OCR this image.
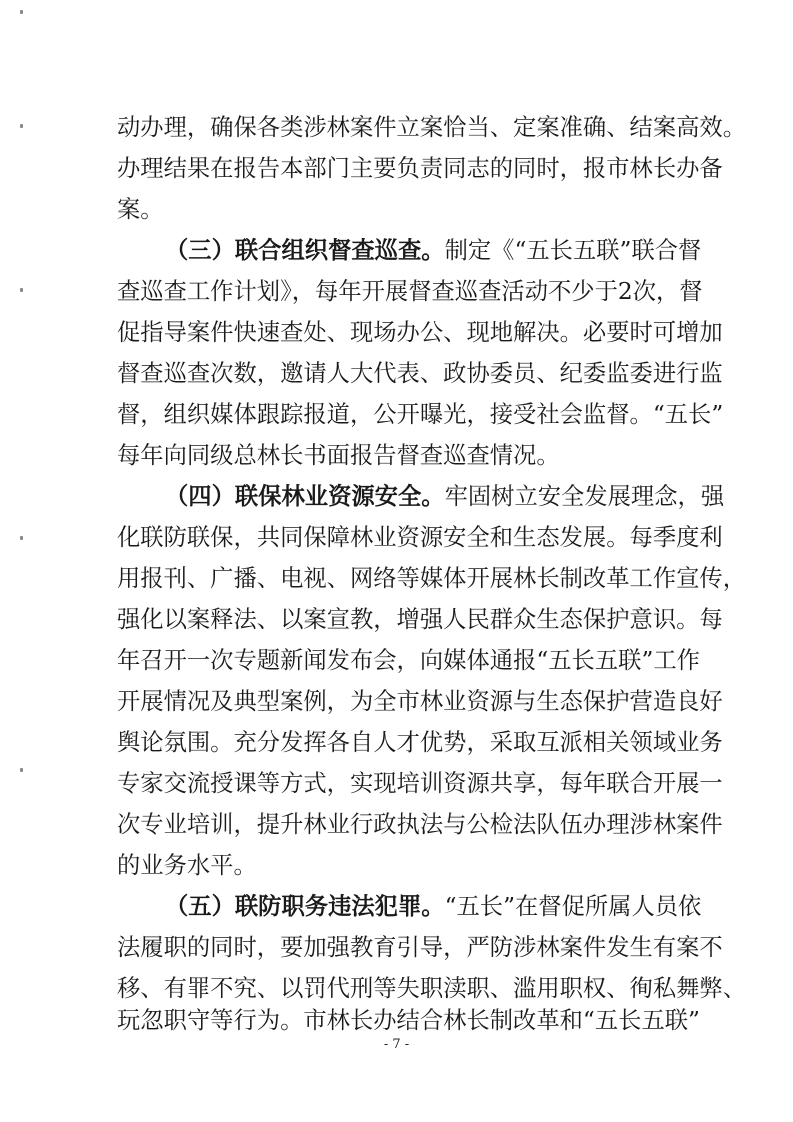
动办理，确保各类涉林案件立案恰当、定案准确、结案高效。
办理结果在报告本部门主要负责同志的同时，报市林长办备
案。
（三）联合组织督查巡查。制定《“五长五联”联合督
查巡查工作计划》，每年开展督查巡查活动不少于2次，督
促指导案件快速查处、现场办公、现地解决。必要时可增加
督查巡查次数，邀请人大代表、政协委员、纪委监委进行监
督，组织媒体跟踪报道，公开曝光，接受社会监督。“五长”
每年向同级总林长书面报告督查巡查情况。
（四）联保林业资源安全。牢固树立安全发展理念，强
化联防联保，共同保障林业资源安全和生态发展。每季度利
用报刊、广播、电视、网络等媒体开展林长制改革工作宣传，
强化以案释法、以案宣教，增强人民群众生态保护意识。每
年召开一次专题新闻发布会，向媒体通报“五长五联”工作
开展情况及典型案例，为全市林业资源与生态保护营造良好
舆论氛围。充分发挥各自人才优势，采取互派相关领域业务
专家交流授课等方式，实现培训资源共享，每年联合开展一
次专业培训，提升林业行政执法与公检法队伍办理涉林案件
的业务水平。
（五）联防职务违法犯罪。“五长”在督促所属人员依
法履职的同时，要加强教育引导，严防涉林案件发生有案不
移、有罪不究、以罚代刑等失职渎职、滥用职权、徇私舞弊、
玩忽职守等行为。市林长办结合林长制改革和“五长五联”
- 7 -
